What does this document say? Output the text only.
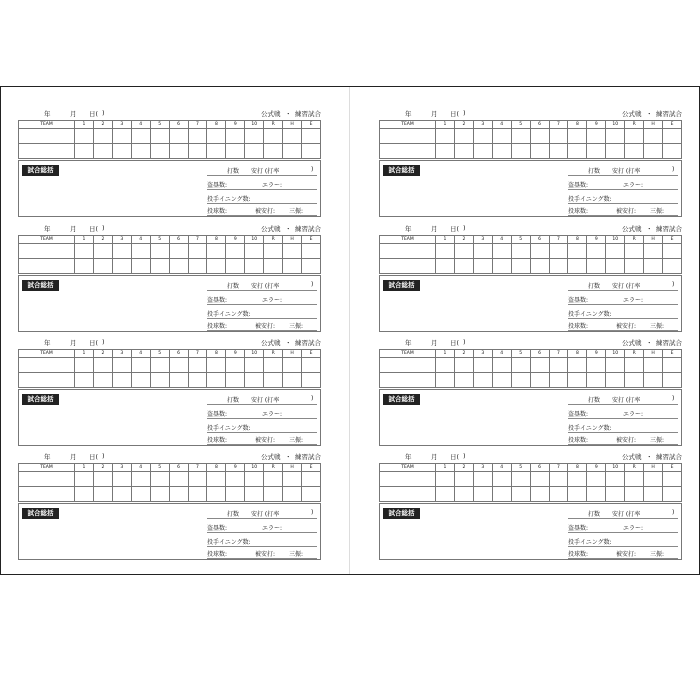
年	月 日( )	公式戦 ・ 練習試合
TEAM	1	2	3	4	5	6	7	8	9	10	R	H	E

試合総括	打数 安打 (打率	)
盗塁数:	エラー:
投手イニング数:
投球数:	被安打: 三振:
年	月 日( )	公式戦 ・ 練習試合
TEAM	1	2	3	4	5	6	7	8	9	10	R	H	E

試合総括	打数 安打 (打率	)
盗塁数:	エラー:
投手イニング数:
投球数:	被安打: 三振:
年	月 日( )	公式戦 ・ 練習試合
TEAM	1	2	3	4	5	6	7	8	9	10	R	H	E

試合総括	打数 安打 (打率	)
盗塁数:	エラー:
投手イニング数:
投球数:	被安打: 三振:
年	月 日( )	公式戦 ・ 練習試合
TEAM	1	2	3	4	5	6	7	8	9	10	R	H	E

試合総括	打数 安打 (打率	)
盗塁数:	エラー:
投手イニング数:
投球数:	被安打: 三振:
年	月 日( )	公式戦 ・ 練習試合
TEAM	1	2	3	4	5	6	7	8	9	10	R	H	E

試合総括	打数 安打 (打率	)
盗塁数:	エラー:
投手イニング数:
投球数:	被安打: 三振:
年	月 日( )	公式戦 ・ 練習試合
TEAM	1	2	3	4	5	6	7	8	9	10	R	H	E

試合総括	打数 安打 (打率	)
盗塁数:	エラー:
投手イニング数:
投球数:	被安打: 三振:
年	月 日( )	公式戦 ・ 練習試合
TEAM	1	2	3	4	5	6	7	8	9	10	R	H	E

試合総括	打数 安打 (打率	)
盗塁数:	エラー:
投手イニング数:
投球数:	被安打: 三振:
年	月 日( )	公式戦 ・ 練習試合
TEAM	1	2	3	4	5	6	7	8	9	10	R	H	E

試合総括	打数 安打 (打率	)
盗塁数:	エラー:
投手イニング数:
投球数:	被安打: 三振:
